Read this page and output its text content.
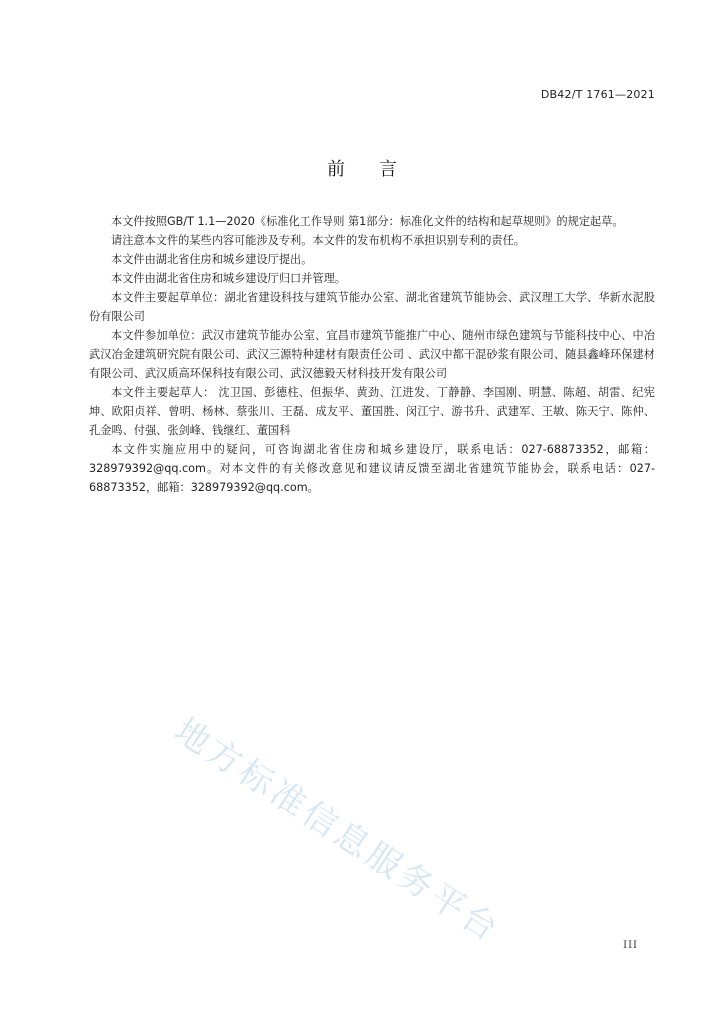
DB42/T 1761—2021
前言

本文件按照GB/T 1.1—2020《标准化工作导则 第1部分：标准化文件的结构和起草规则》的规定起草。

请注意本文件的某些内容可能涉及专利。本文件的发布机构不承担识别专利的责任。

本文件由湖北省住房和城乡建设厅提出。

本文件由湖北省住房和城乡建设厅归口并管理。

本文件主要起草单位：湖北省建设科技与建筑节能办公室、湖北省建筑节能协会、武汉理工大学、华新水泥股份有限公司

本文件参加单位：武汉市建筑节能办公室、宜昌市建筑节能推广中心、随州市绿色建筑与节能科技中心、中冶武汉冶金建筑研究院有限公司、武汉三源特种建材有限责任公司 、武汉中都干混砂浆有限公司、随县鑫峰环保建材有限公司、武汉质高环保科技有限公司、武汉德毅天材科技开发有限公司

本文件主要起草人： 沈卫国、彭德柱、但振华、黄劲、江进发、丁静静、李国刚、明慧、陈超、胡雷、纪宪坤、欧阳贞祥、曾明、杨林、蔡张川、王磊、成友平、董国胜、闵江宁、游书升、武建军、王敏、陈天宁、陈仲、孔金鸣、付强、张剑峰、钱继红、董国科

本文件实施应用中的疑问，可咨询湖北省住房和城乡建设厅，联系电话：027-68873352，邮箱：328979392@qq.com。对本文件的有关修改意见和建议请反馈至湖北省建筑节能协会，联系电话：027-68873352，邮箱：328979392@qq.com。

地方标准信息服务平台	III
